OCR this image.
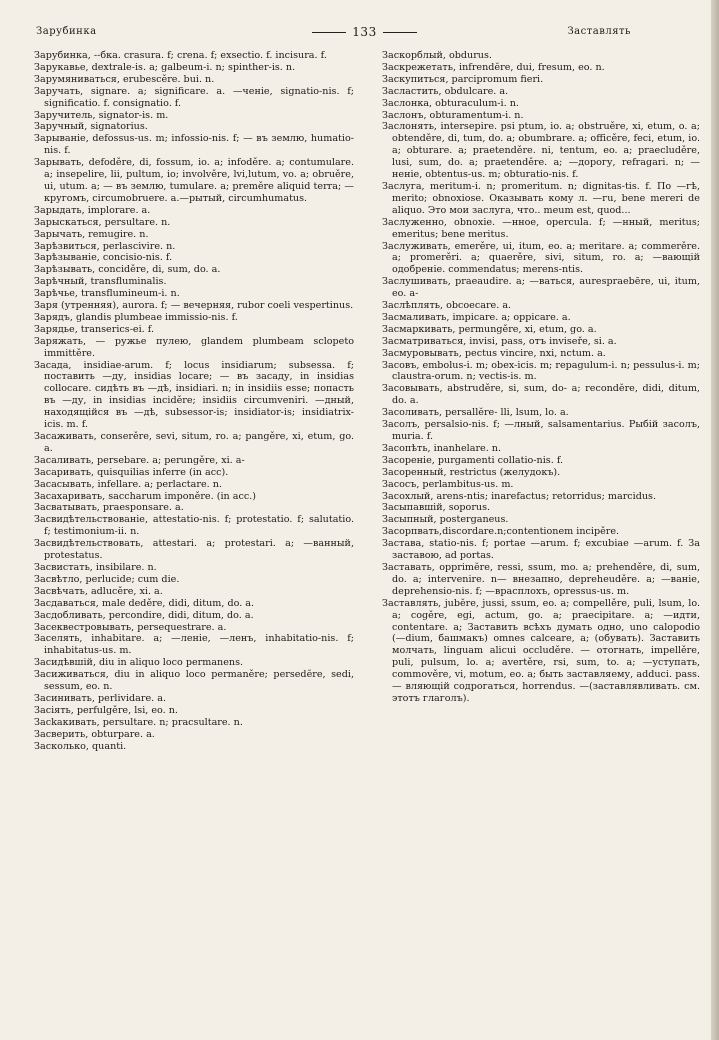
Зарубинка	133	Заставлять

Зарубинка, --бка. crasura. f; crena. f; exsectio. f. incisura. f.

Зарукавье, dextrale-is. a; galbeum-i. n; spinther-is. n.

Зарумяниваться, erubescěre. bui. n.

Заручать, signare. a; significare. a. —ченіе, signatio-nis. f; significatio. f. consignatio. f.

Заручитель, signator-is. m.

Заручный, signatorius.

Зарываніе, defossus-us. m; infossio-nis. f; — въ землю, humatio-nis. f.

Зарывать, defoděre, di, fossum, io. a; infoděre. a; contumulare. a; insepelire, lii, pultum, io; involvěre, lvi,lutum, vo. a; obruěre, ui, utum. a; — въ землю, tumulare. a; preměre aliquid terra; — кругомъ, circumobruere. a.—рытый, circumhumatus.

Зарыдать, implorare. a.

Зарыскаться, persultare. n.

Зарычать, remugire. n.

Зарѣзвиться, perlascivire. n.

Зарѣзываніе, concisio-nis. f.

Зарѣзывать, conciděre, di, sum, do. a.

Зарѣчный, transfluminalis.

Зарѣчье, transflumineum-i. n.

Заря (утренняя), aurora. f; — вечерняя, rubor coeli vespertinus.

Зарядъ, glandis plumbeae immissio-nis. f.

Зарядье, transerics-ei. f.

Заряжать, — ружье пулею, glandem plumbeam sclopeto immittěre.

Засада, insidiae-arum. f; locus insidiarum; subsessa. f; поставить —ду, insidias locare; — въ засаду, in insidias collocare. сидѣть въ —дѣ, insidiari. n; in insidiis esse; попасть въ —ду, in insidias inciděre; insidiis circumveniri. —дный, находящійся въ —дѣ, subsessor-is; insidiator-is; insidiatrix-icis. m. f.

Засаживать, conserěre, sevi, situm, ro. a; pangěre, xi, etum, go. a.

Засаливать, persebare. a; perungěre, xi. a-

Засаривать, quisquilias inferre (in acc).

Засасывать, infellare. a; perlactare. n.

Засахаривать, saccharum imponěre. (in acc.)

Засватывать, praesponsare. a.

Засвидѣтельствованіе, attestatio-nis. f; protestatio. f; salutatio. f; testimonium-ii. n.

Засвидѣтельствовать, attestari. a; protestari. a; —ванный, protestatus.

Засвистать, insibilare. n.

Засвѣтло, perlucide; cum die.

Засвѣчать, adlucěre, xi. a.

Засдаваться, male deděre, didi, ditum, do. a.

Засдобливать, percondire, didi, ditum, do. a.

Засеквестровывать, persequestrare. a.

Заселять, inhabitare. a; —леніе, —ленъ, inhabitatio-nis. f; inhabitatus-us. m.

Засидѣвшій, diu in aliquo loco permanens.

Засиживаться, diu in aliquo loco permaněre; persedĕre, sedi, sessum, eo. n.

Засинивать, perlividare. a.

Засіять, perfulgěre, lsi, eo. n.

Засkакивать, persultare. n; pracsultare. n.

Засверить, obturpare. a.

Засколько, quanti.

Заскорблый, obdurus.

Заскрежетать, infrendĕre, dui, fresum, eo. n.

Заскупиться, parcipromum fieri.

Засластить, obdulcare. a.

Заслонка, obturaculum-i. n.

Заслонъ, obturamentum-i. n.

Заслонять, intersepire. psi ptum, io. a; obstruěre, xi, etum, o. a; obtenděre, di, tum, do. a; obumbrare. a; officěre, feci, etum, io. a; obturare. a; praetenděre. ni, tentum, eo. a; praecluděre, lusi, sum, do. a; praetenděre. a; —дорогу, refragari. n; —неніе, obtentus-us. m; obturatio-nis. f.

Заслуга, meritum-i. n; promeritum. n; dignitas-tis. f. По —гѣ, merito; obnoxiose. Оказывать кому л. —гu, bene mereri de aliquo. Это мои заслуга, что.. meum est, quod...

Заслуженно, obnoxie. —нное, opercula. f; —нный, meritus; emeritus; bene meritus.

Заслуживать, emerěre, ui, itum, eo. a; meritare. a; commerěre. a; promerěri. a; quaerěre, sivi, situm, ro. a; —вающій одобреніе. commendatus; merens-ntis.

Заслушивать, praeaudire. a; —ваться, auresprаеbēre, ui, itum, eo. a-

Заслѣплять, obcoecare. a.

Засмаливать, impicare. a; oppicare. a.

Засмаркивать, permungěre, xi, etum, go. a.

Засматриваться, invisi, pass, отъ inviseře, si. a.

Засмуровывать, pectus vincire, nxi, nctum. a.

Засовъ, embolus-i. m; obex-icis. m; repagulum-i. n; pessulus-i. m; claustra-orum. n; vectis-is. m.

Засовывать, abstruděre, si, sum, do- a; recondĕre, didi, ditum, do. a.

Засоливать, persallĕre- lli, lsum, lo. a.

Засолъ, persalsio-nis. f; —лный, salsamentarius. Рыбій засолъ, muria. f.

Засопѣть, inanhelare. n.

Засореніе, purgamenti collatio-nis. f.

Засоренный, restrictus (желудокъ).

Засосъ, perlambitus-us. m.

Засохлый, arens-ntis; inarefactus; retorridus; marcidus.

Засыпавшій, soporus.

Засыпный, posterganeus.

Засорпвать,discordare.n;contentionem incipěre.

Застава, statio-nis. f; portae —arum. f; excubiae —arum. f. За заставою, ad portas.

Заставать, opprimĕre, ressi, ssum, mo. a; prehenděre, di, sum, do. a; intervenire. n— внезапно, depreheuděre. a; —ваніе, deprehensio-nis. f; —врасплохъ, opressus-us. m.

Заставлять, jubĕre, jussi, ssum, eo. a; compellěre, puli, lsum, lo. a; cogěre, egi, actum, go. a; praecipitare. a; —идти, contentare. a; Заставить всѣхъ думать одно, uno calopodio (—dium, башмакъ) omnes calceare, a; (обувать). Заставить молчать, linguam alicui occluděre. — отогнать, impellěre, puli, pulsum, lo. a; avertěre, rsi, sum, to. a; —уступать, commověre, vi, motum, eo. a; быть заставляему, adduci. pass. — вляющій содрогаться, horrendus. —(заставлявливать. см. этотъ глаголъ).
